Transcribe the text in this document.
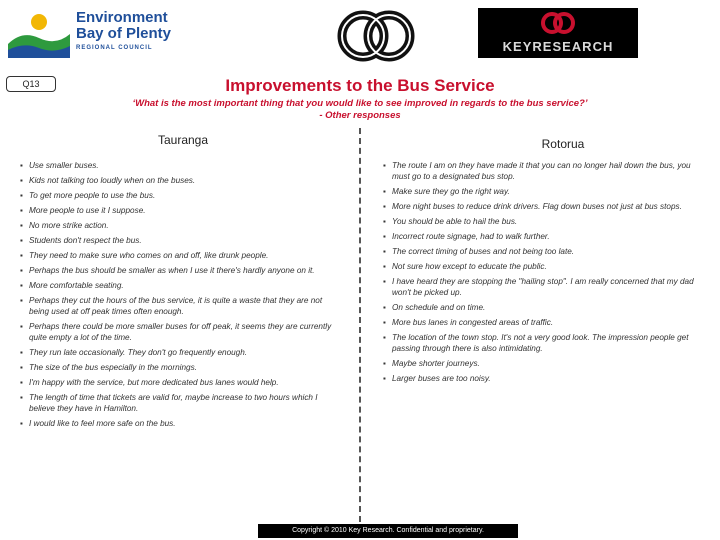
Environment
Bay of Plenty
REGIONAL COUNCIL	KEYRESEARCH
Q13	Improvements to the Bus Service
‘What is the most important thing that you would like to see improved in regards to the bus service?’
- Other responses
Tauranga	Rotorua
▪ Use smaller buses.
▪ Kids not talking too loudly when on the buses.
▪ To get more people to use the bus.
▪ More people to use it I suppose.
▪ No more strike action.
▪ Students don't respect the bus.
▪ They need to make sure who comes on and off, like drunk people.
▪ Perhaps the bus should be smaller as when I use it there's hardly anyone on it.
▪ More comfortable seating.
▪ Perhaps they cut the hours of the bus service, it is quite a waste that they are not being used at off peak times often enough.
▪ Perhaps there could be more smaller buses for off peak, it seems they are currently quite empty a lot of the time.
▪ They run late occasionally. They don't go frequently enough.
▪ The size of the bus especially in the mornings.
▪ I'm happy with the service, but more dedicated bus lanes would help.
▪ The length of time that tickets are valid for, maybe increase to two hours which I believe they have in Hamilton.
▪ I would like to feel more safe on the bus.
▪ The route I am on they have made it that you can no longer hail down the bus, you must go to a designated bus stop.
▪ Make sure they go the right way.
▪ More night buses to reduce drink drivers. Flag down buses not just at bus stops.
▪ You should be able to hail the bus.
▪ Incorrect route signage, had to walk further.
▪ The correct timing of buses and not being too late.
▪ Not sure how except to educate the public.
▪ I have heard they are stopping the "hailing stop". I am really concerned that my dad won't be picked up.
▪ On schedule and on time.
▪ More bus lanes in congested areas of traffic.
▪ The location of the town stop. It's not a very good look. The impression people get passing through there is also intimidating.
▪ Maybe shorter journeys.
▪ Larger buses are too noisy.
Copyright © 2010 Key Research. Confidential and proprietary.
